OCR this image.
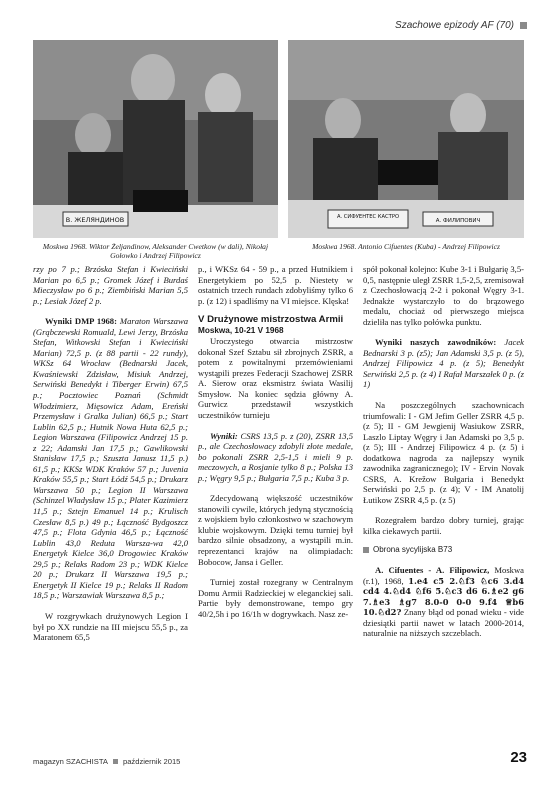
Szachowe epizody AF (70)
В. ЖЕЛЯНДИНОВ	А. СИФУЕНТЕС КАСТРО
А. ФИЛИПОВИЧ
Moskwa 1968. Wiktor Żeljandinow, Aleksander Cwetkow (w dali), Nikołaj Gołowko i Andrzej Filipowicz
Moskwa 1968. Antonio Cifuentes (Kuba) - Andrzej Filipowicz

rzy po 7 p.; Brzóska Stefan i Kwieciński Marian po 6,5 p.; Gromek Józef i Burdaś Mieczysław po 6 p.; Ziembiński Marian 5,5 p.; Lesiak Józef 2 p.

Wyniki DMP 1968: Maraton Warszawa (Grąbczewski Romuald, Lewi Jerzy, Brzóska Stefan, Witkowski Stefan i Kwieciński Marian) 72,5 p. (z 88 partii - 22 rundy), WKSz 64 Wrocław (Bednarski Jacek, Kwaśniewski Zdzisław, Misiuk Andrzej, Serwiński Benedykt i Tiberger Erwin) 67,5 p.; Pocztowiec Poznań (Schmidt Włodzimierz, Mięsowicz Adam, Ereński Przemysław i Gralka Julian) 66,5 p.; Start Lublin 62,5 p.; Hutnik Nowa Huta 62,5 p.; Legion Warszawa (Filipowicz Andrzej 15 p. z 22; Adamski Jan 17,5 p.; Gawlikowski Stanisław 17,5 p.; Szuszta Janusz 11,5 p.) 61,5 p.; KKSz WDK Kraków 57 p.; Juvenia Kraków 55,5 p.; Start Łódź 54,5 p.; Drukarz Warszawa 50 p.; Legion II Warszawa (Schinzel Władysław 15 p.; Plater Kazimierz 11,5 p.; Sztejn Emanuel 14 p.; Krulisch Czesław 8,5 p.) 49 p.; Łączność Bydgoszcz 47,5 p.; Flota Gdynia 46,5 p.; Łączność Lublin 43,0 Reduta Warsza-wa 42,0 Energetyk Kielce 36,0 Drogowiec Kraków 29,5 p.; Relaks Radom 23 p.; WDK Kielce 20 p.; Drukarz II Warszawa 19,5 p.; Energetyk II Kielce 19 p.; Relaks II Radom 18,5 p.; Warszawiak Warszawa 8,5 p.;

W rozgrywkach drużynowych Legion I był po XX rundzie na III miejscu 55,5 p., za Maratonem 65,5

p., i WKSz 64 - 59 p., a przed Hutnikiem i Energetykiem po 52,5 p. Niestety w ostatnich trzech rundach zdobyliśmy tylko 6 p. (z 12) i spadliśmy na VI miejsce. Klęska!

V Drużynowe mistrzostwa Armii

Moskwa, 10-21 V 1968

Uroczystego otwarcia mistrzostw dokonał Szef Sztabu sił zbrojnych ZSRR, a potem z powitalnymi przemówieniami wystąpili prezes Federacji Szachowej ZSRR A. Sierow oraz eksmistrz świata Wasilij Smysłow. Na koniec sędzia główny A. Gurwicz przedstawił wszystkich uczestników turnieju

Wyniki: CSRS 13,5 p. z (20), ZSRR 13,5 p., ale Czechosłowacy zdobyli złote medale, bo pokonali ZSRR 2,5-1,5 i mieli 9 p. meczowych, a Rosjanie tylko 8 p.; Polska 13 p.; Węgry 9,5 p.; Bułgaria 7,5 p.; Kuba 3 p.

Zdecydowaną większość uczestników stanowili cywile, których jedyną stycznością z wojskiem było członkostwo w szachowym klubie wojskowym. Dzięki temu turniej był bardzo silnie obsadzony, a wystąpili m.in. reprezentanci krajów na olimpiadach: Bobocow, Jansa i Geller.

Turniej został rozegrany w Centralnym Domu Armii Radzieckiej w eleganckiej sali. Partie były demonstrowane, tempo gry 40/2,5h i po 16/1h w dogrywkach. Nasz ze-

spół pokonał kolejno: Kube 3-1 i Bułgarię 3,5-0,5, następnie uległ ZSRR 1,5-2,5, zremisował z Czechosłowacją 2-2 i pokonał Węgry 3-1. Jednakże wystarczyło to do brązowego medalu, chociaż od pierwszego miejsca dzieliła nas tylko połówka punktu.

Wyniki naszych zawodników: Jacek Bednarski 3 p. (z5); Jan Adamski 3,5 p. (z 5), Andrzej Filipowicz 4 p. (z 5); Benedykt Serwiński 2,5 p. (z 4) I Rafał Marszałek 0 p. (z 1)

Na poszczególnych szachownicach triumfowali: I - GM Jefim Geller ZSRR 4,5 p. (z 5); II - GM Jewgienij Wasiukow ZSRR, Laszlo Liptay Węgry i Jan Adamski po 3,5 p. (z 5); III - Andrzej Filipowicz 4 p. (z 5) i dodatkowa nagroda za najlepszy wynik zawodnika zagranicznego); IV - Ervin Novak CSRS, A. Krežow Bułgaria i Benedykt Serwiński po 2,5 p. (z 4); V - IM Anatolij Łutikow ZSRR 4,5 p. (z 5)

Rozegrałem bardzo dobry turniej, grając kilka ciekawych partii.

Obrona sycylijska B73

A. Cifuentes - A. Filipowicz, Moskwa (r.1), 1968, 1.e4 c5 2.♘f3 ♘c6 3.d4 cd4 4.♘d4 ♘f6 5.♘c3 d6 6.♗e2 g6 7.♗e3 ♗g7 8.0-0 0-0 9.f4 ♕b6 10.♘d2? Znany błąd od ponad wieku - vide dziesiątki partii nawet w latach 2000-2014, naturalnie na niższych szczeblach.

magazyn SZACHISTA październik 2015	23
